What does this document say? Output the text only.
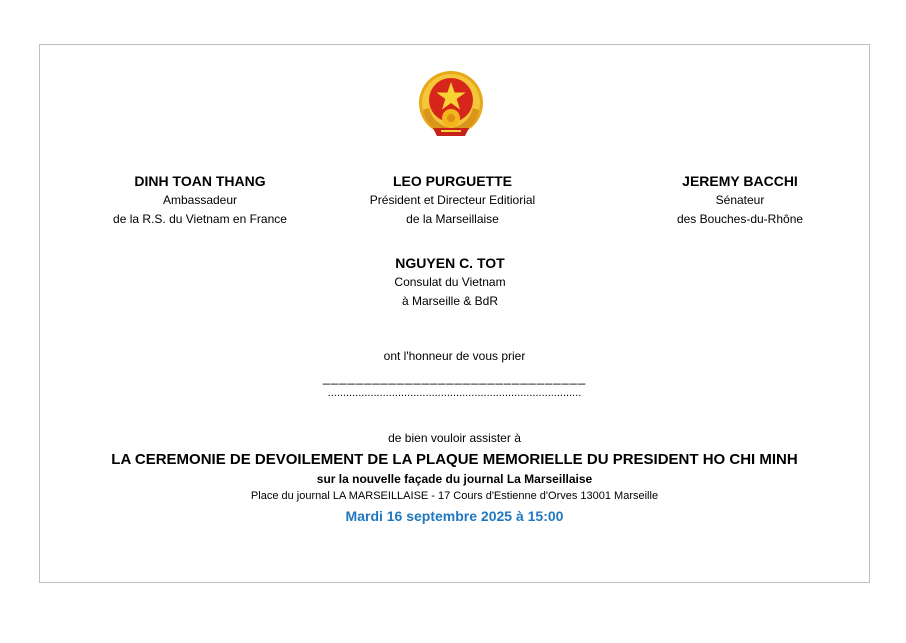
DINH TOAN THANG
Ambassadeur
de la R.S. du Vietnam en France
LEO PURGUETTE
Président et Directeur Editiorial
de la Marseillaise
JEREMY BACCHI
Sénateur
des Bouches-du-Rhône
NGUYEN C. TOT
Consulat du Vietnam
à Marseille & BdR
ont l'honneur de vous prier
________________________________
...................................................................................
de bien vouloir assister à
LA CEREMONIE DE DEVOILEMENT DE LA PLAQUE MEMORIELLE DU PRESIDENT HO CHI MINH
sur la nouvelle façade du journal La Marseillaise
Place du journal LA MARSEILLAISE - 17 Cours d'Estienne d'Orves 13001 Marseille
Mardi 16 septembre 2025 à 15:00
